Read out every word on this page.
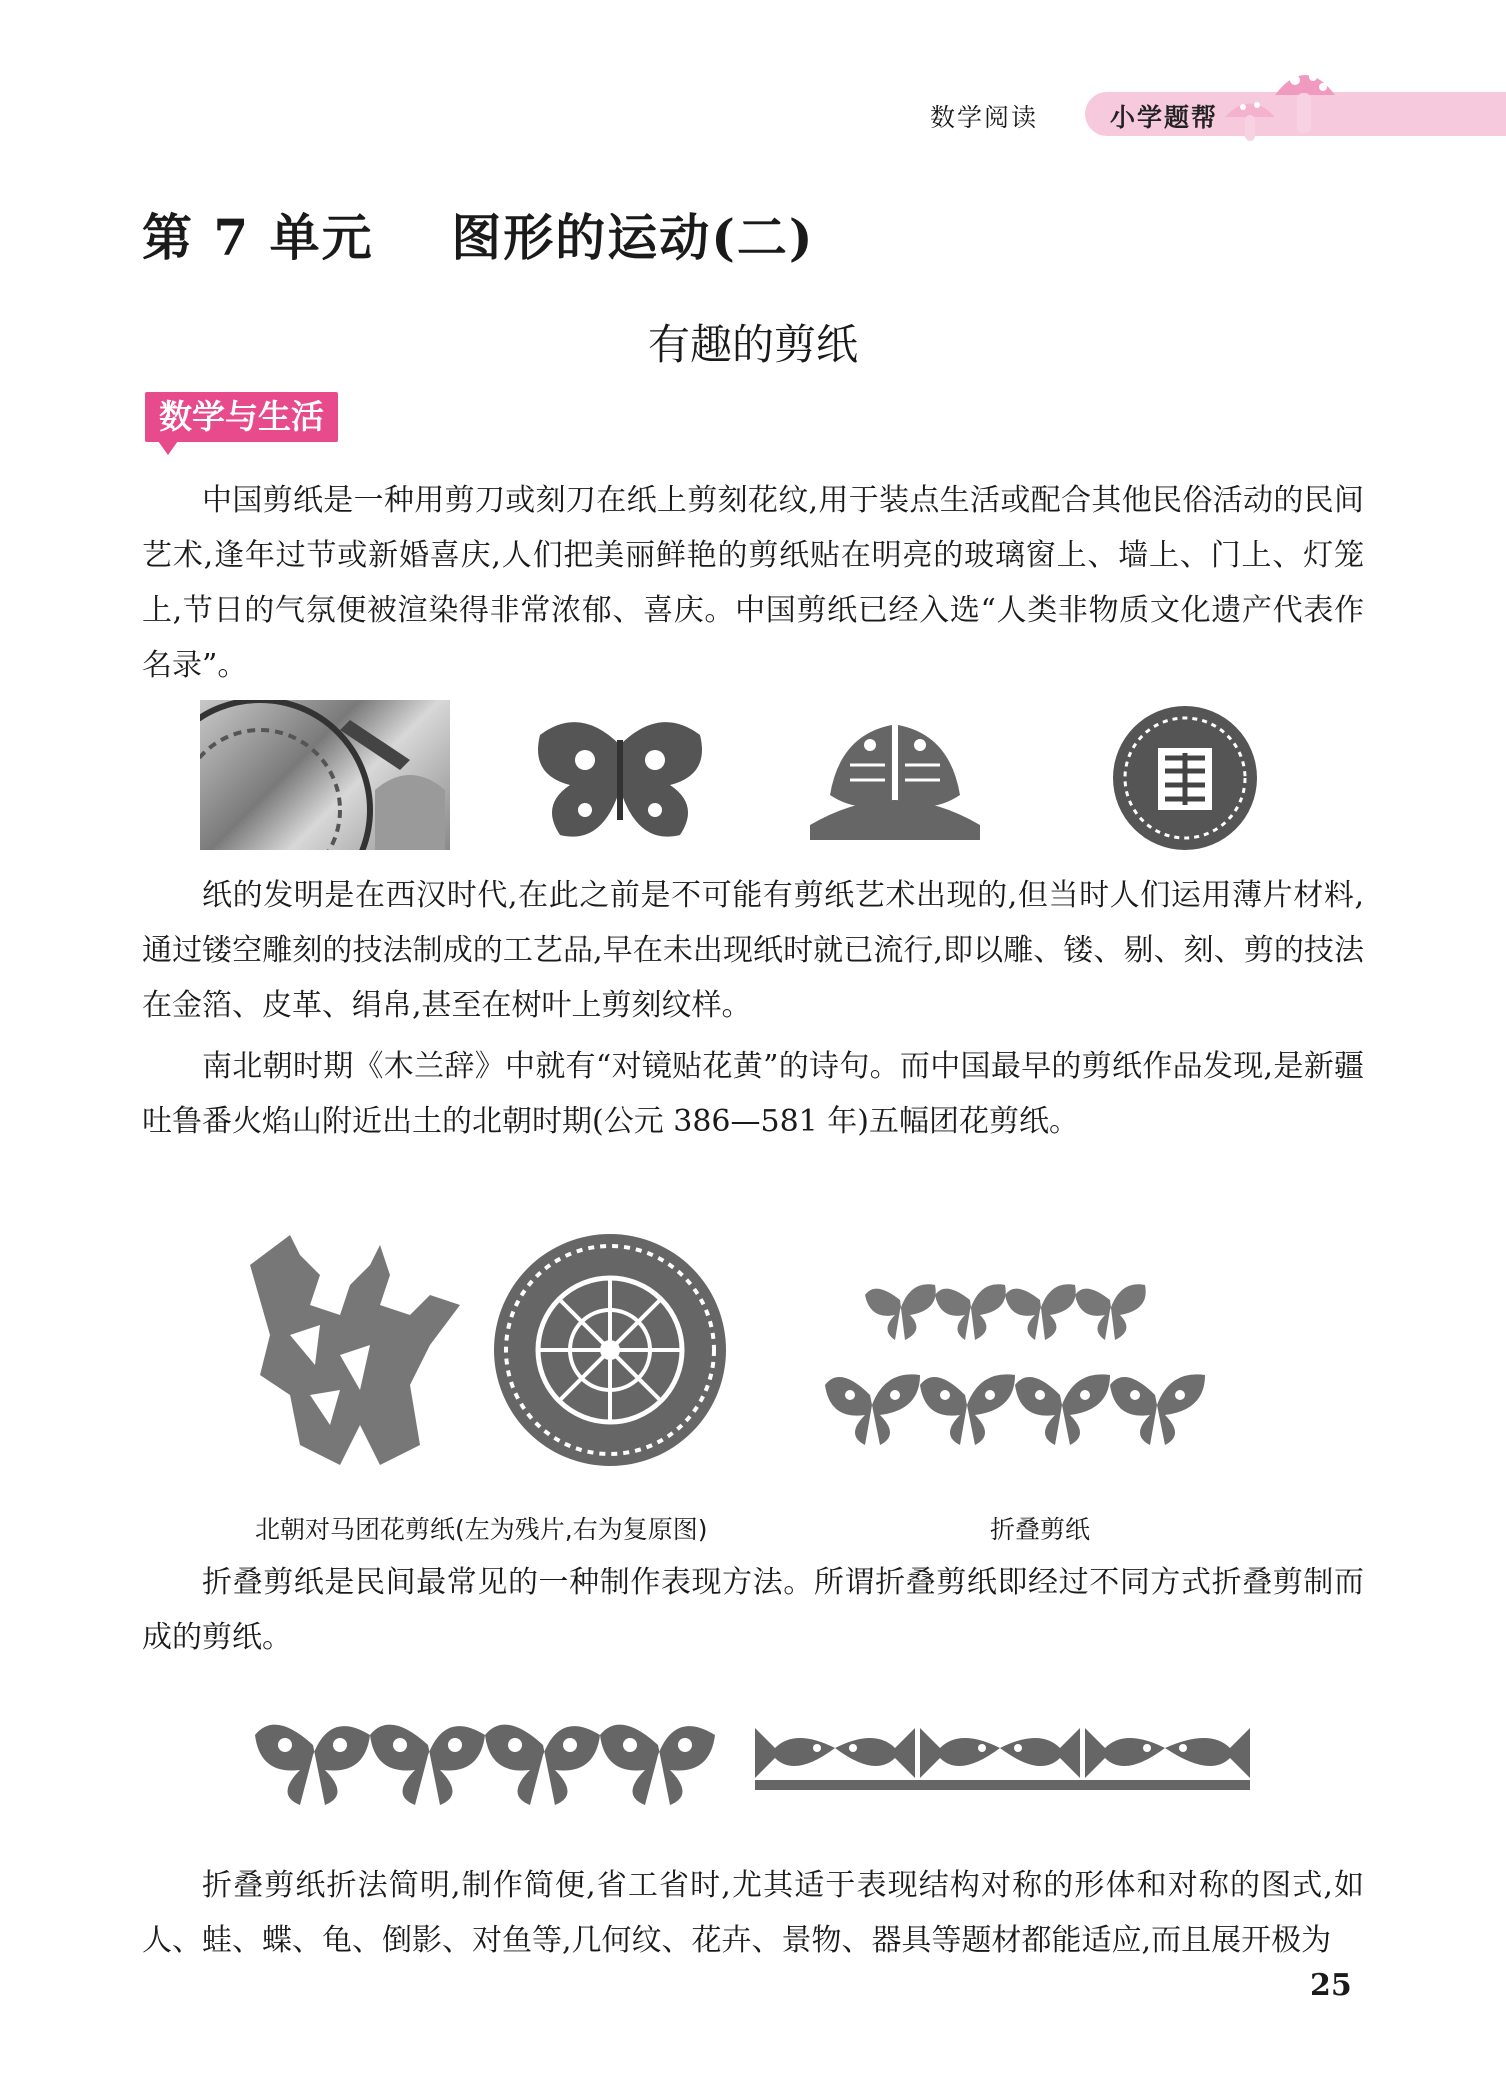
数学阅读	小学题帮
第 7 单元    图形的运动(二)
有趣的剪纸
数学与生活
中国剪纸是一种用剪刀或刻刀在纸上剪刻花纹,用于装点生活或配合其他民俗活动的民间艺术,逢年过节或新婚喜庆,人们把美丽鲜艳的剪纸贴在明亮的玻璃窗上、墙上、门上、灯笼上,节日的气氛便被渲染得非常浓郁、喜庆。中国剪纸已经入选“人类非物质文化遗产代表作名录”。
纸的发明是在西汉时代,在此之前是不可能有剪纸艺术出现的,但当时人们运用薄片材料,通过镂空雕刻的技法制成的工艺品,早在未出现纸时就已流行,即以雕、镂、剔、刻、剪的技法在金箔、皮革、绢帛,甚至在树叶上剪刻纹样。
南北朝时期《木兰辞》中就有“对镜贴花黄”的诗句。而中国最早的剪纸作品发现,是新疆吐鲁番火焰山附近出土的北朝时期(公元 386—581 年)五幅团花剪纸。
北朝对马团花剪纸(左为残片,右为复原图)	折叠剪纸
折叠剪纸是民间最常见的一种制作表现方法。所谓折叠剪纸即经过不同方式折叠剪制而成的剪纸。
折叠剪纸折法简明,制作简便,省工省时,尤其适于表现结构对称的形体和对称的图式,如人、蛙、蝶、龟、倒影、对鱼等,几何纹、花卉、景物、器具等题材都能适应,而且展开极为
25
